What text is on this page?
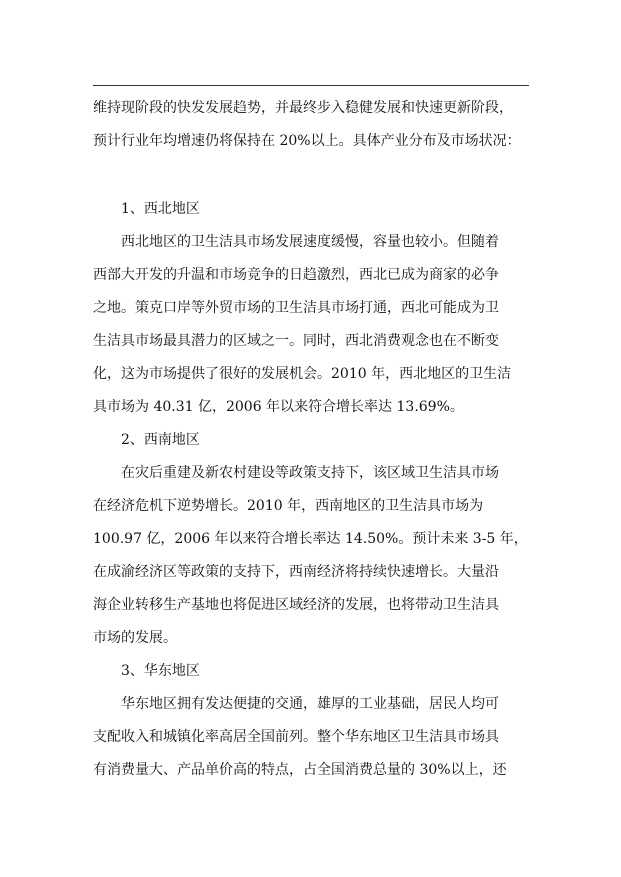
维持现阶段的快发发展趋势，并最终步入稳健发展和快速更新阶段，
预计行业年均增速仍将保持在 20%以上。具体产业分布及市场状况：
1、西北地区
西北地区的卫生洁具市场发展速度缓慢，容量也较小。但随着
西部大开发的升温和市场竞争的日趋激烈，西北已成为商家的必争
之地。策克口岸等外贸市场的卫生洁具市场打通，西北可能成为卫
生洁具市场最具潜力的区域之一。同时，西北消费观念也在不断变
化，这为市场提供了很好的发展机会。2010 年，西北地区的卫生洁
具市场为 40.31 亿，2006 年以来符合增长率达 13.69%。
2、西南地区
在灾后重建及新农村建设等政策支持下，该区域卫生洁具市场
在经济危机下逆势增长。2010 年，西南地区的卫生洁具市场为
100.97 亿，2006 年以来符合增长率达 14.50%。预计未来 3-5 年，
在成渝经济区等政策的支持下，西南经济将持续快速增长。大量沿
海企业转移生产基地也将促进区域经济的发展，也将带动卫生洁具
市场的发展。
3、华东地区
华东地区拥有发达便捷的交通，雄厚的工业基础，居民人均可
支配收入和城镇化率高居全国前列。整个华东地区卫生洁具市场具
有消费量大、产品单价高的特点，占全国消费总量的 30%以上，还
